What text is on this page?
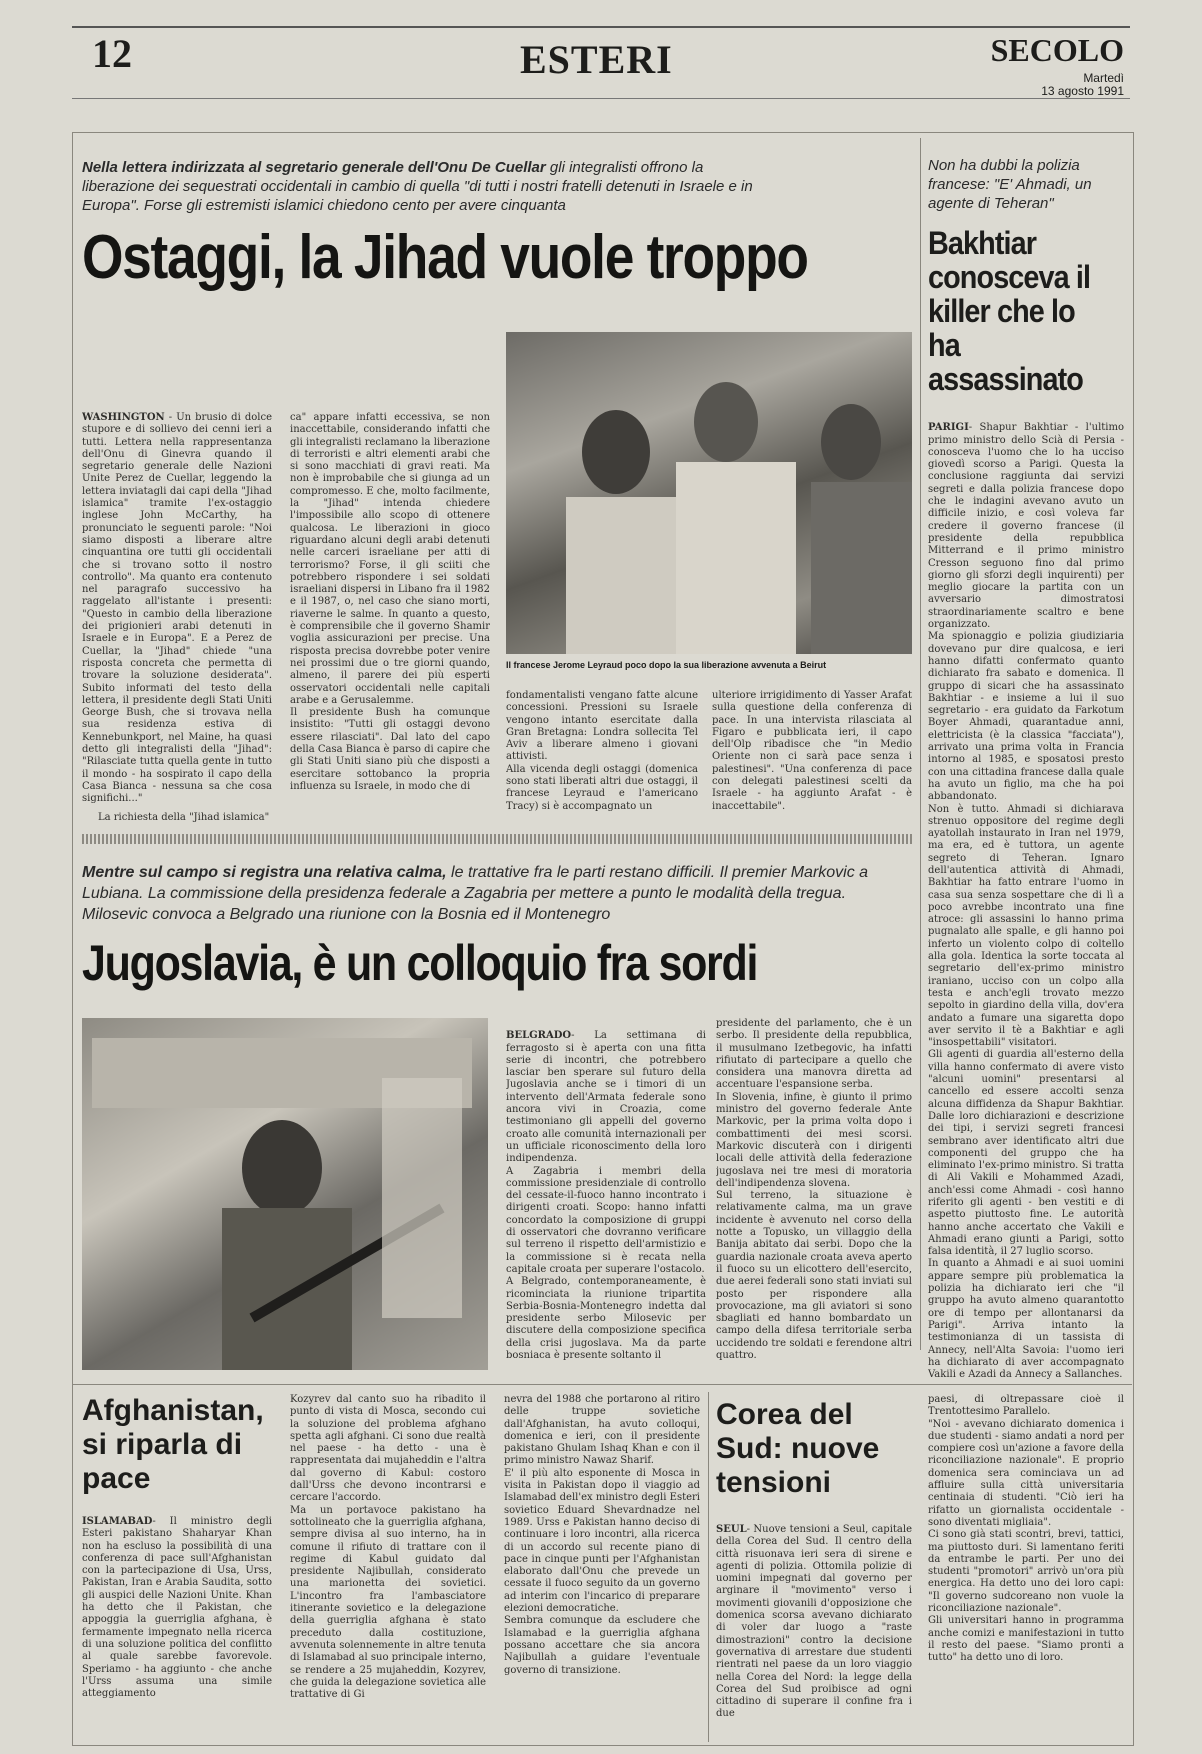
12	ESTERI	SECOLO
Martedì
13 agosto 1991
Nella lettera indirizzata al segretario generale dell'Onu De Cuellar gli integralisti offrono la liberazione dei sequestrati occidentali in cambio di quella "di tutti i nostri fratelli detenuti in Israele e in Europa". Forse gli estremisti islamici chiedono cento per avere cinquanta
Ostaggi, la Jihad vuole troppo
WASHINGTON - Un brusio di dolce stupore e di sollievo dei cenni ieri a tutti. Lettera nella rappresentanza dell'Onu di Ginevra quando il segretario generale delle Nazioni Unite Perez de Cuellar, leggendo la lettera inviatagli dai capi della "Jihad islamica" tramite l'ex-ostaggio inglese John McCarthy, ha pronunciato le seguenti parole: "Noi siamo disposti a liberare altre cinquantina ore tutti gli occidentali che si trovano sotto il nostro controllo". Ma quanto era contenuto nel paragrafo successivo ha raggelato all'istante i presenti: "Questo in cambio della liberazione dei prigionieri arabi detenuti in Israele e in Europa". E a Perez de Cuellar, la "Jihad" chiede "una risposta concreta che permetta di trovare la soluzione desiderata". Subito informati del testo della lettera, il presidente degli Stati Uniti George Bush, che si trovava nella sua residenza estiva di Kennebunkport, nel Maine, ha quasi detto gli integralisti della "Jihad": "Rilasciate tutta quella gente in tutto il mondo - ha sospirato il capo della Casa Bianca - nessuna sa che cosa significhi..."
La richiesta della "Jihad islamica"
ca" appare infatti eccessiva, se non inaccettabile, considerando infatti che gli integralisti reclamano la liberazione di terroristi e altri elementi arabi che si sono macchiati di gravi reati. Ma non è improbabile che si giunga ad un compromesso. E che, molto facilmente, la "Jihad" intenda chiedere l'impossibile allo scopo di ottenere qualcosa. Le liberazioni in gioco riguardano alcuni degli arabi detenuti nelle carceri israeliane per atti di terrorismo? Forse, il gli sciiti che potrebbero rispondere i sei soldati israeliani dispersi in Libano fra il 1982 e il 1987, o, nel caso che siano morti, riaverne le salme. In quanto a questo, è comprensibile che il governo Shamir voglia assicurazioni per precise. Una risposta precisa dovrebbe poter venire nei prossimi due o tre giorni quando, almeno, il parere dei più esperti osservatori occidentali nelle capitali arabe e a Gerusalemme.
Il presidente Bush ha comunque insistito: "Tutti gli ostaggi devono essere rilasciati". Dal lato del capo della Casa Bianca è parso di capire che gli Stati Uniti siano più che disposti a esercitare sottobanco la propria influenza su Israele, in modo che di
Il francese Jerome Leyraud poco dopo la sua liberazione avvenuta a Beirut
fondamentalisti vengano fatte alcune concessioni. Pressioni su Israele vengono intanto esercitate dalla Gran Bretagna: Londra sollecita Tel Aviv a liberare almeno i giovani attivisti.
Alla vicenda degli ostaggi (domenica sono stati liberati altri due ostaggi, il francese Leyraud e l'americano Tracy) si è accompagnato un
ulteriore irrigidimento di Yasser Arafat sulla questione della conferenza di pace. In una intervista rilasciata al Figaro e pubblicata ieri, il capo dell'Olp ribadisce che "in Medio Oriente non ci sarà pace senza i palestinesi". "Una conferenza di pace con delegati palestinesi scelti da Israele - ha aggiunto Arafat - è inaccettabile".
Non ha dubbi la polizia francese: "E' Ahmadi, un agente di Teheran"
Bakhtiar conosceva il killer che lo ha assassinato

PARIGI- Shapur Bakhtiar - l'ultimo primo ministro dello Scià di Persia - conosceva l'uomo che lo ha ucciso giovedì scorso a Parigi. Questa la conclusione raggiunta dai servizi segreti e dalla polizia francese dopo che le indagini avevano avuto un difficile inizio, e così voleva far credere il governo francese (il presidente della repubblica Mitterrand e il primo ministro Cresson seguono fino dal primo giorno gli sforzi degli inquirenti) per meglio giocare la partita con un avversario dimostratosi straordinariamente scaltro e bene organizzato.
Ma spionaggio e polizia giudiziaria dovevano pur dire qualcosa, e ieri hanno difatti confermato quanto dichiarato fra sabato e domenica. Il gruppo di sicari che ha assassinato Bakhtiar - e insieme a lui il suo segretario - era guidato da Farkotum Boyer Ahmadi, quarantadue anni, elettricista (è la classica "facciata"), arrivato una prima volta in Francia intorno al 1985, e sposatosi presto con una cittadina francese dalla quale ha avuto un figlio, ma che ha poi abbandonato.
Non è tutto. Ahmadi si dichiarava strenuo oppositore del regime degli ayatollah instaurato in Iran nel 1979, ma era, ed è tuttora, un agente segreto di Teheran. Ignaro dell'autentica attività di Ahmadi, Bakhtiar ha fatto entrare l'uomo in casa sua senza sospettare che di lì a poco avrebbe incontrato una fine atroce: gli assassini lo hanno prima pugnalato alle spalle, e gli hanno poi inferto un violento colpo di coltello alla gola. Identica la sorte toccata al segretario dell'ex-primo ministro iraniano, ucciso con un colpo alla testa e anch'egli trovato mezzo sepolto in giardino della villa, dov'era andato a fumare una sigaretta dopo aver servito il tè a Bakhtiar e agli "insospettabili" visitatori.
Gli agenti di guardia all'esterno della villa hanno confermato di avere visto "alcuni uomini" presentarsi al cancello ed essere accolti senza alcuna diffidenza da Shapur Bakhtiar. Dalle loro dichiarazioni e descrizione dei tipi, i servizi segreti francesi sembrano aver identificato altri due componenti del gruppo che ha eliminato l'ex-primo ministro. Si tratta di Ali Vakili e Mohammed Azadi, anch'essi come Ahmadi - così hanno riferito gli agenti - ben vestiti e di aspetto piuttosto fine. Le autorità hanno anche accertato che Vakili e Ahmadi erano giunti a Parigi, sotto falsa identità, il 27 luglio scorso.
In quanto a Ahmadi e ai suoi uomini appare sempre più problematica la polizia ha dichiarato ieri che "il gruppo ha avuto almeno quarantotto ore di tempo per allontanarsi da Parigi". Arriva intanto la testimonianza di un tassista di Annecy, nell'Alta Savoia: l'uomo ieri ha dichiarato di aver accompagnato Vakili e Azadi da Annecy a Sallanches.

Mentre sul campo si registra una relativa calma, le trattative fra le parti restano difficili. Il premier Markovic a Lubiana. La commissione della presidenza federale a Zagabria per mettere a punto le modalità della tregua. Milosevic convoca a Belgrado una riunione con la Bosnia ed il Montenegro
Jugoslavia, è un colloquio fra sordi

BELGRADO- La settimana di ferragosto si è aperta con una fitta serie di incontri, che potrebbero lasciar ben sperare sul futuro della Jugoslavia anche se i timori di un intervento dell'Armata federale sono ancora vivi in Croazia, come testimoniano gli appelli del governo croato alle comunità internazionali per un ufficiale riconoscimento della loro indipendenza.
A Zagabria i membri della commissione presidenziale di controllo del cessate-il-fuoco hanno incontrato i dirigenti croati. Scopo: hanno infatti concordato la composizione di gruppi di osservatori che dovranno verificare sul terreno il rispetto dell'armistizio e la commissione si è recata nella capitale croata per superare l'ostacolo.
A Belgrado, contemporaneamente, è ricominciata la riunione tripartita Serbia-Bosnia-Montenegro indetta dal presidente serbo Milosevic per discutere della composizione specifica della crisi jugoslava. Ma da parte bosniaca è presente soltanto il

presidente del parlamento, che è un serbo. Il presidente della repubblica, il musulmano Izetbegovic, ha infatti rifiutato di partecipare a quello che considera una manovra diretta ad accentuare l'espansione serba.
In Slovenia, infine, è giunto il primo ministro del governo federale Ante Markovic, per la prima volta dopo i combattimenti dei mesi scorsi. Markovic discuterà con i dirigenti locali delle attività della federazione jugoslava nei tre mesi di moratoria dell'indipendenza slovena.
Sul terreno, la situazione è relativamente calma, ma un grave incidente è avvenuto nel corso della notte a Topusko, un villaggio della Banija abitato dai serbi. Dopo che la guardia nazionale croata aveva aperto il fuoco su un elicottero dell'esercito, due aerei federali sono stati inviati sul posto per rispondere alla provocazione, ma gli aviatori si sono sbagliati ed hanno bombardato un campo della difesa territoriale serba uccidendo tre soldati e ferendone altri quattro.
Afghanistan, si riparla di pace
ISLAMABAD- Il ministro degli Esteri pakistano Shaharyar Khan non ha escluso la possibilità di una conferenza di pace sull'Afghanistan con la partecipazione di Usa, Urss, Pakistan, Iran e Arabia Saudita, sotto gli auspici delle Nazioni Unite. Khan ha detto che il Pakistan, che appoggia la guerriglia afghana, è fermamente impegnato nella ricerca di una soluzione politica del conflitto al quale sarebbe favorevole. Speriamo - ha aggiunto - che anche l'Urss assuma una simile atteggiamento
Kozyrev dal canto suo ha ribadito il punto di vista di Mosca, secondo cui la soluzione del problema afghano spetta agli afghani. Ci sono due realtà nel paese - ha detto - una è rappresentata dai mujaheddin e l'altra dal governo di Kabul: costoro dall'Urss che devono incontrarsi e cercare l'accordo.
Ma un portavoce pakistano ha sottolineato che la guerriglia afghana, sempre divisa al suo interno, ha in comune il rifiuto di trattare con il regime di Kabul guidato dal presidente Najibullah, considerato una marionetta dei sovietici. L'incontro fra l'ambasciatore itinerante sovietico e la delegazione della guerriglia afghana è stato preceduto dalla costituzione, avvenuta solennemente in altre tenuta di Islamabad al suo principale interno, se rendere a 25 mujaheddin, Kozyrev, che guida la delegazione sovietica alle trattative di Gi
nevra del 1988 che portarono al ritiro delle truppe sovietiche dall'Afghanistan, ha avuto colloqui, domenica e ieri, con il presidente pakistano Ghulam Ishaq Khan e con il primo ministro Nawaz Sharif.
E' il più alto esponente di Mosca in visita in Pakistan dopo il viaggio ad Islamabad dell'ex ministro degli Esteri sovietico Eduard Shevardnadze nel 1989. Urss e Pakistan hanno deciso di continuare i loro incontri, alla ricerca di un accordo sul recente piano di pace in cinque punti per l'Afghanistan elaborato dall'Onu che prevede un cessate il fuoco seguito da un governo ad interim con l'incarico di preparare elezioni democratiche.
Sembra comunque da escludere che Islamabad e la guerriglia afghana possano accettare che sia ancora Najibullah a guidare l'eventuale governo di transizione.
Corea del Sud: nuove tensioni
SEUL- Nuove tensioni a Seul, capitale della Corea del Sud. Il centro della città risuonava ieri sera di sirene e agenti di polizia. Ottomila polizie di uomini impegnati dal governo per arginare il "movimento" verso i movimenti giovanili d'opposizione che domenica scorsa avevano dichiarato di voler dar luogo a "raste dimostrazioni" contro la decisione governativa di arrestare due studenti rientrati nel paese da un loro viaggio nella Corea del Nord: la legge della Corea del Sud proibisce ad ogni cittadino di superare il confine fra i due
paesi, di oltrepassare cioè il Trentottesimo Parallelo.
"Noi - avevano dichiarato domenica i due studenti - siamo andati a nord per compiere così un'azione a favore della riconciliazione nazionale". E proprio domenica sera cominciava un ad affluire sulla città universitaria centinaia di studenti. "Ciò ieri ha rifatto un giornalista occidentale - sono diventati migliaia".
Ci sono già stati scontri, brevi, tattici, ma piuttosto duri. Si lamentano feriti da entrambe le parti. Per uno dei studenti "promotori" arrivò un'ora più energica. Ha detto uno dei loro capi: "Il governo sudcoreano non vuole la riconciliazione nazionale".
Gli universitari hanno in programma anche comizi e manifestazioni in tutto il resto del paese. "Siamo pronti a tutto" ha detto uno di loro.
